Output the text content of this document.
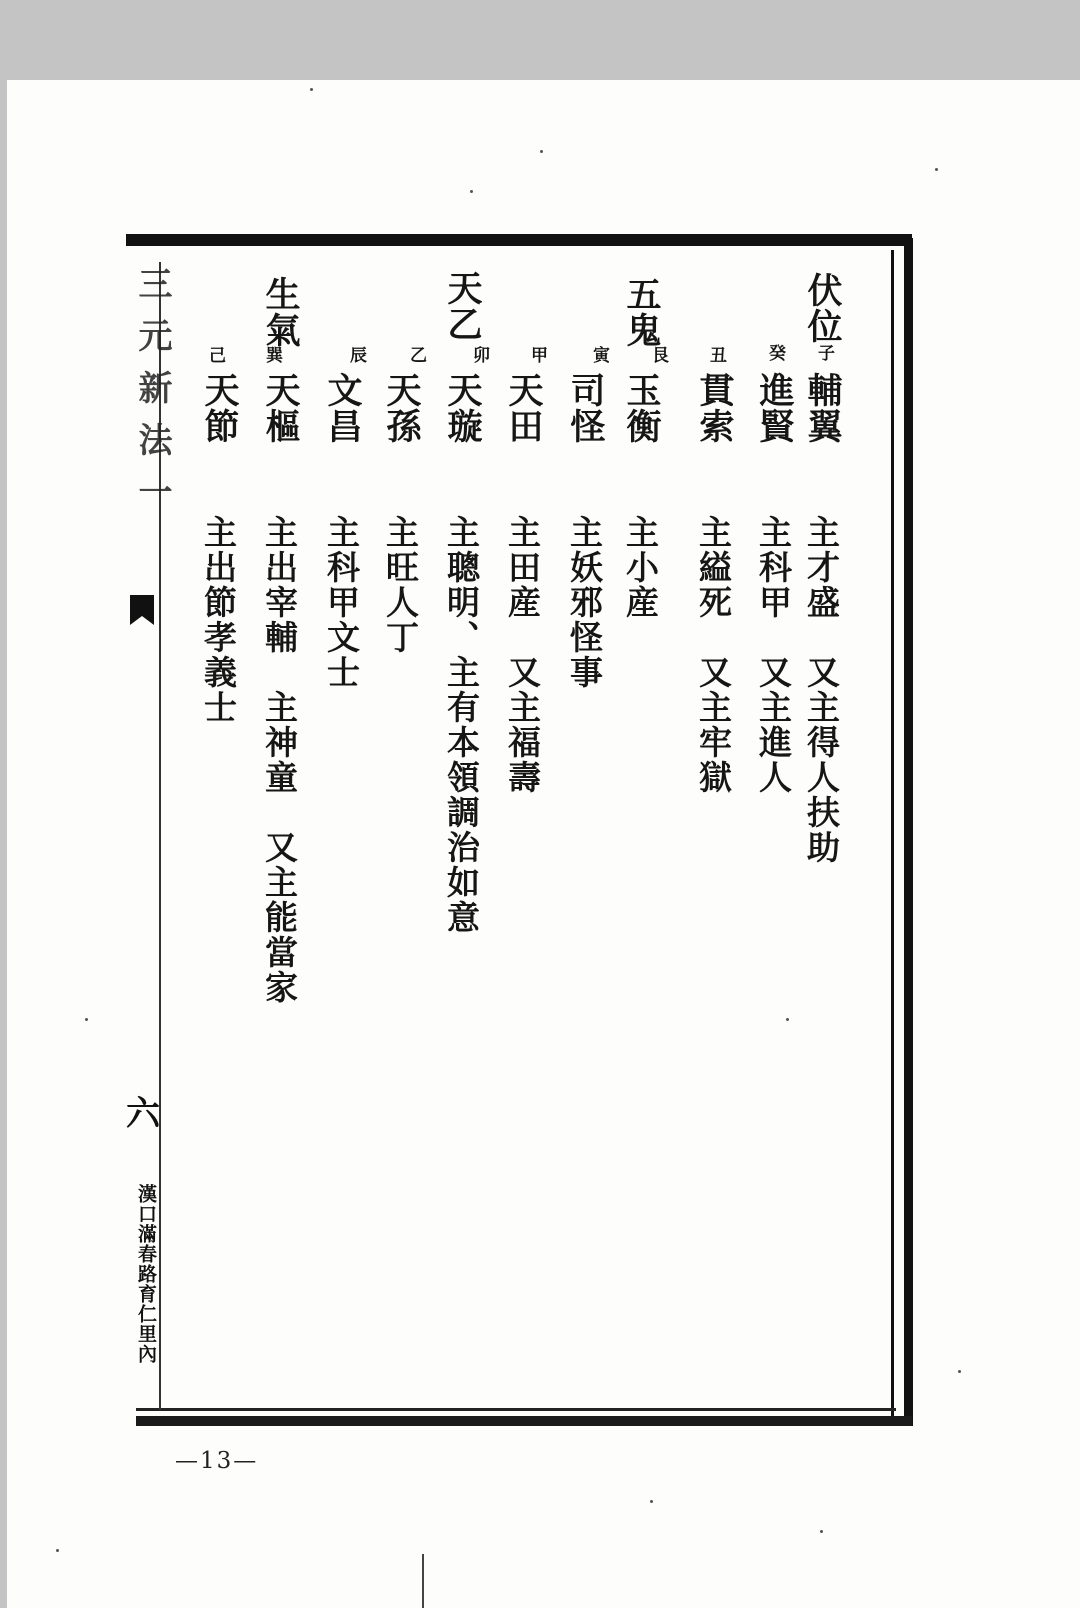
三元新法一
六
漢口滿春路育仁里內
伏位
子
輔翼
主才盛　又主得人扶助
癸
進賢
主科甲　又主進人
丑
貫索
主縊死　又主牢獄
五鬼
艮
玉衡
主小産
寅
司怪
主妖邪怪事
甲
天田
主田産　又主福壽
天乙
卯
天璇
主聰明、主有本領調治如意
乙
天孫
主旺人丁
辰
文昌
主科甲文士
生氣
巽
天樞
主出宰輔　主神童　又主能當家
己
天節
主出節孝義士
—13—
